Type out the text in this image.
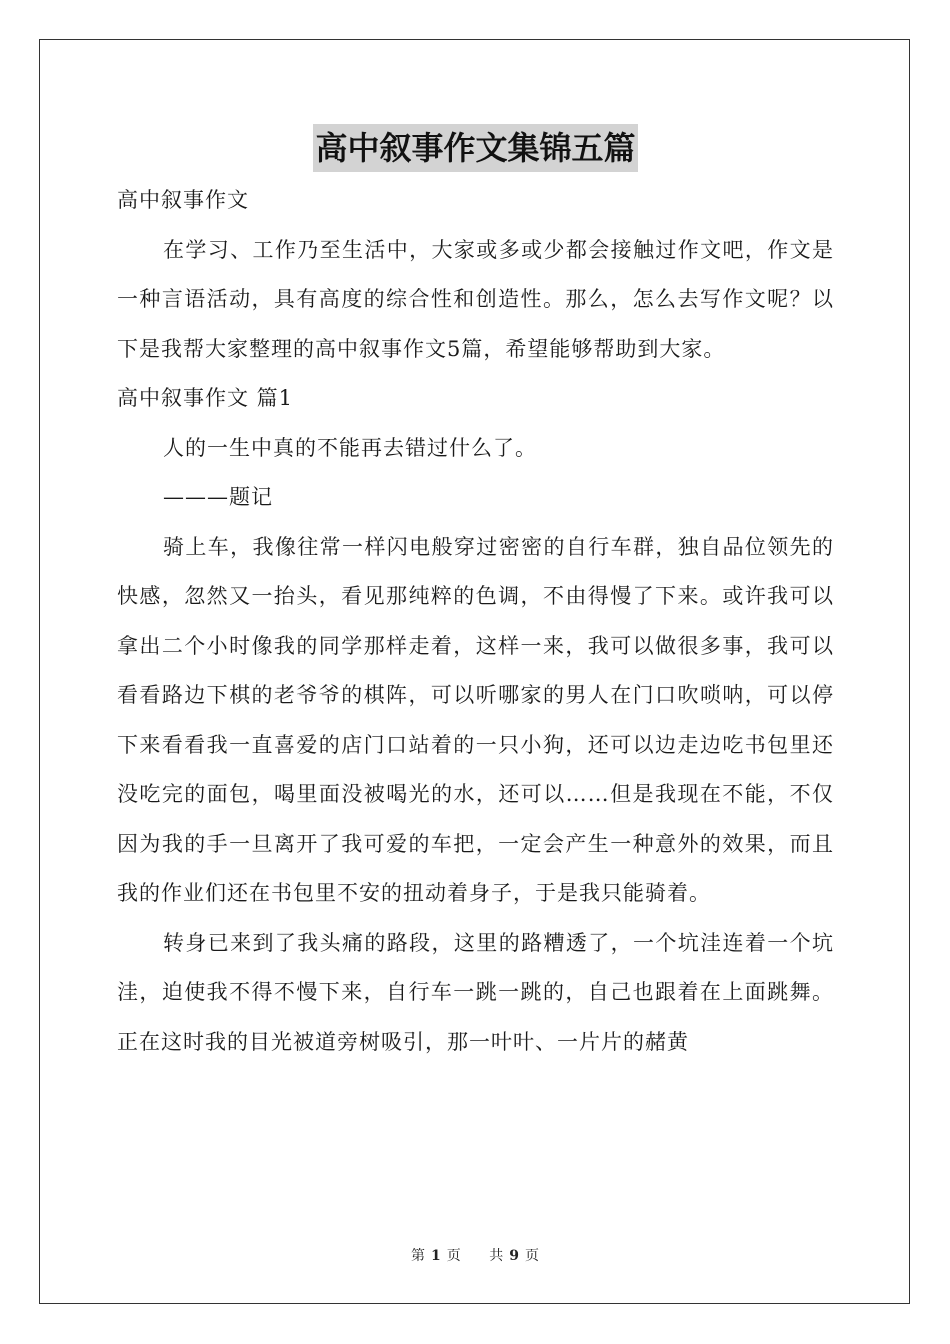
高中叙事作文集锦五篇

高中叙事作文

在学习、工作乃至生活中，大家或多或少都会接触过作文吧，作文是一种言语活动，具有高度的综合性和创造性。那么，怎么去写作文呢？以下是我帮大家整理的高中叙事作文5篇，希望能够帮助到大家。

高中叙事作文 篇1

人的一生中真的不能再去错过什么了。

———题记

骑上车，我像往常一样闪电般穿过密密的自行车群，独自品位领先的快感，忽然又一抬头，看见那纯粹的色调，不由得慢了下来。或许我可以拿出二个小时像我的同学那样走着，这样一来，我可以做很多事，我可以看看路边下棋的老爷爷的棋阵，可以听哪家的男人在门口吹唢呐，可以停下来看看我一直喜爱的店门口站着的一只小狗，还可以边走边吃书包里还没吃完的面包，喝里面没被喝光的水，还可以……但是我现在不能，不仅因为我的手一旦离开了我可爱的车把，一定会产生一种意外的效果，而且我的作业们还在书包里不安的扭动着身子，于是我只能骑着。

转身已来到了我头痛的路段，这里的路糟透了，一个坑洼连着一个坑洼，迫使我不得不慢下来，自行车一跳一跳的，自己也跟着在上面跳舞。正在这时我的目光被道旁树吸引，那一叶叶、一片片的赭黄

第 1 页 共 9 页
